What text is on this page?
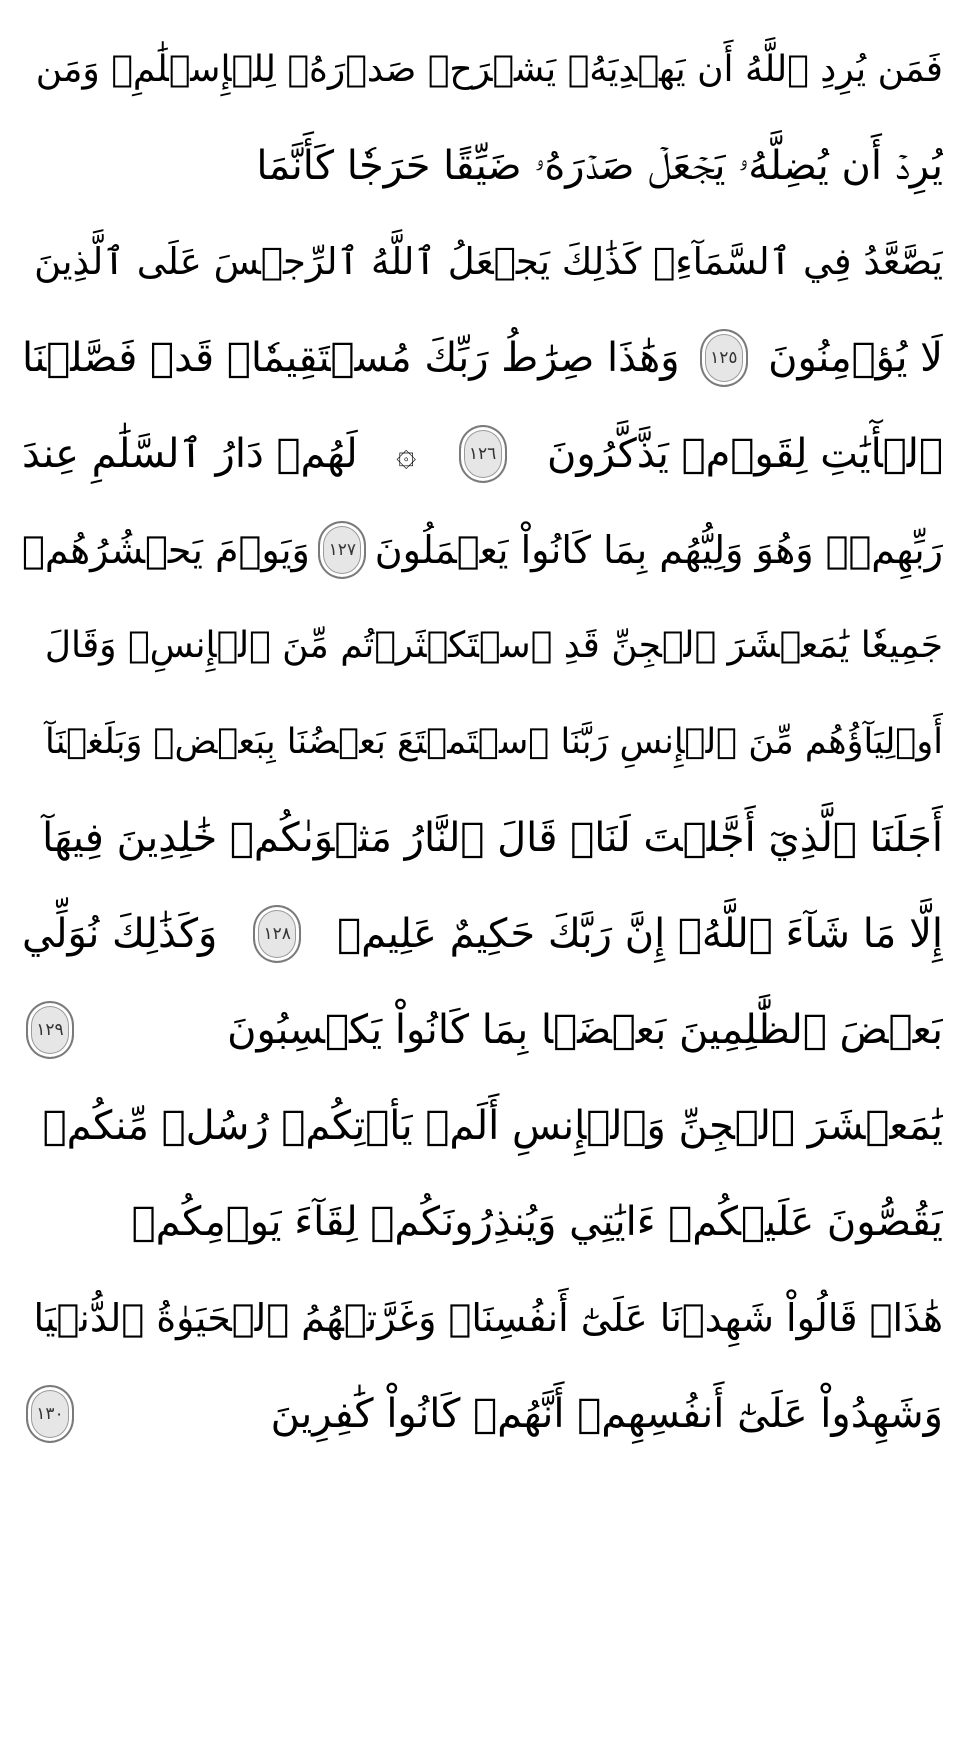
فَمَن يُرِدِ ٱللَّهُ أَن يَهۡدِيَهُۥ يَشۡرَحۡ صَدۡرَهُۥ لِلۡإِسۡلَٰمِۖ وَمَن
يُرِدۡ أَن يُضِلَّهُۥ يَجۡعَلۡ صَدۡرَهُۥ ضَيِّقًا حَرَجٗا كَأَنَّمَا
يَصَّعَّدُ فِي ٱلسَّمَآءِۚ كَذَٰلِكَ يَجۡعَلُ ٱللَّهُ ٱلرِّجۡسَ عَلَى ٱلَّذِينَ
لَا يُؤۡمِنُونَ
١٢٥
وَهَٰذَا صِرَٰطُ رَبِّكَ مُسۡتَقِيمٗاۗ قَدۡ فَصَّلۡنَا
ٱلۡأٓيَٰتِ لِقَوۡمٖ يَذَّكَّرُونَ
١٢٦
۞
لَهُمۡ دَارُ ٱلسَّلَٰمِ عِندَ
رَبِّهِمۡۖ وَهُوَ وَلِيُّهُم بِمَا كَانُواْ يَعۡمَلُونَ
١٢٧
وَيَوۡمَ يَحۡشُرُهُمۡ
جَمِيعٗا يَٰمَعۡشَرَ ٱلۡجِنِّ قَدِ ٱسۡتَكۡثَرۡتُم مِّنَ ٱلۡإِنسِۖ وَقَالَ
أَوۡلِيَآؤُهُم مِّنَ ٱلۡإِنسِ رَبَّنَا ٱسۡتَمۡتَعَ بَعۡضُنَا بِبَعۡضٖ وَبَلَغۡنَآ
أَجَلَنَا ٱلَّذِيٓ أَجَّلۡتَ لَنَاۚ قَالَ ٱلنَّارُ مَثۡوَىٰكُمۡ خَٰلِدِينَ فِيهَآ
إِلَّا مَا شَآءَ ٱللَّهُۚ إِنَّ رَبَّكَ حَكِيمٌ عَلِيمٞ
١٢٨
وَكَذَٰلِكَ نُوَلِّي
بَعۡضَ ٱلظَّٰلِمِينَ بَعۡضَۢا بِمَا كَانُواْ يَكۡسِبُونَ
١٢٩
يَٰمَعۡشَرَ ٱلۡجِنِّ وَٱلۡإِنسِ أَلَمۡ يَأۡتِكُمۡ رُسُلٞ مِّنكُمۡ
يَقُصُّونَ عَلَيۡكُمۡ ءَايَٰتِي وَيُنذِرُونَكُمۡ لِقَآءَ يَوۡمِكُمۡ
هَٰذَاۚ قَالُواْ شَهِدۡنَا عَلَىٰٓ أَنفُسِنَاۖ وَغَرَّتۡهُمُ ٱلۡحَيَوٰةُ ٱلدُّنۡيَا
وَشَهِدُواْ عَلَىٰٓ أَنفُسِهِمۡ أَنَّهُمۡ كَانُواْ كَٰفِرِينَ
١٣٠
